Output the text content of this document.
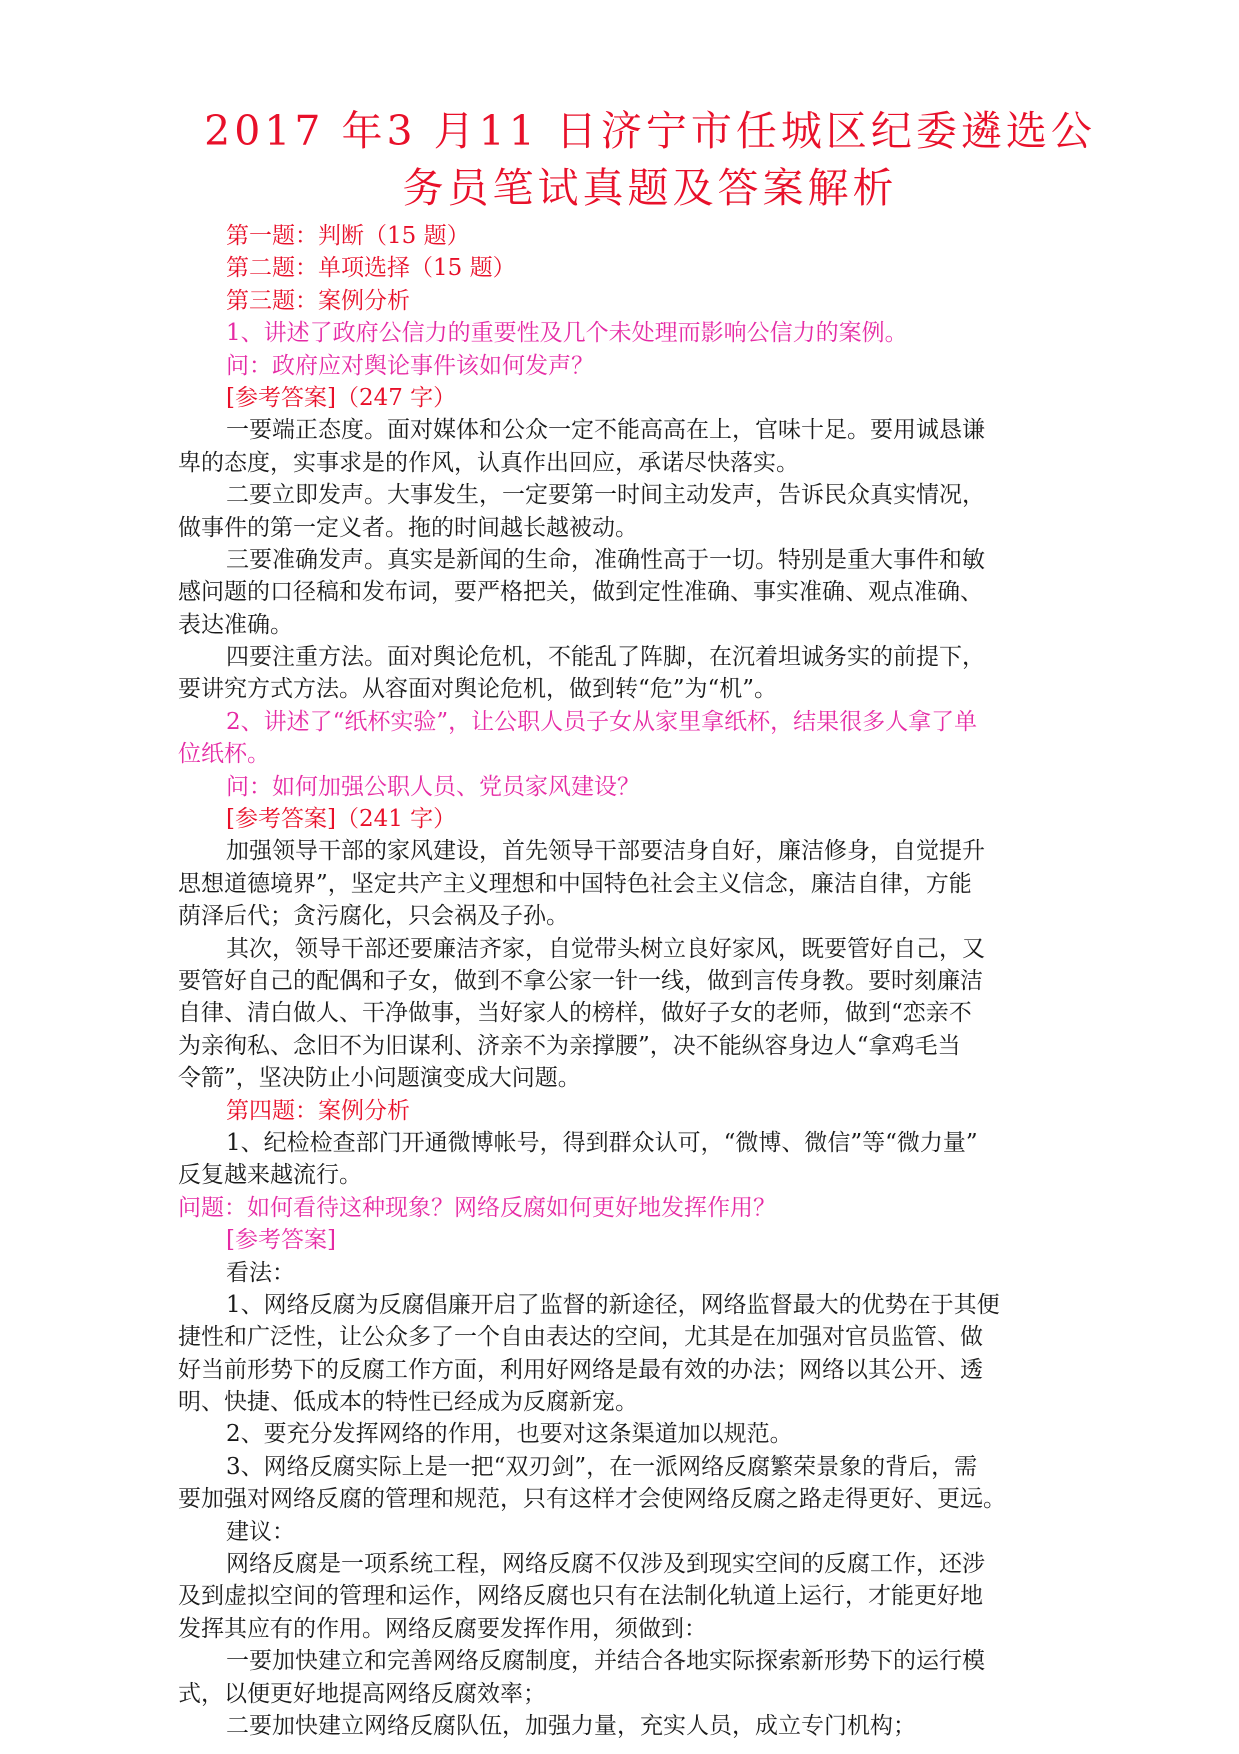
2017 年3 月11 日济宁市任城区纪委遴选公
务员笔试真题及答案解析
第一题：判断（15 题）
第二题：单项选择（15 题）
第三题：案例分析
1、讲述了政府公信力的重要性及几个未处理而影响公信力的案例。
问：政府应对舆论事件该如何发声？
[参考答案]（247 字）
一要端正态度。面对媒体和公众一定不能高高在上，官味十足。要用诚恳谦
卑的态度，实事求是的作风，认真作出回应，承诺尽快落实。
二要立即发声。大事发生，一定要第一时间主动发声，告诉民众真实情况，
做事件的第一定义者。拖的时间越长越被动。
三要准确发声。真实是新闻的生命，准确性高于一切。特别是重大事件和敏
感问题的口径稿和发布词，要严格把关，做到定性准确、事实准确、观点准确、
表达准确。
四要注重方法。面对舆论危机，不能乱了阵脚，在沉着坦诚务实的前提下，
要讲究方式方法。从容面对舆论危机，做到转“危”为“机”。
2、讲述了“纸杯实验”，让公职人员子女从家里拿纸杯，结果很多人拿了单
位纸杯。
问：如何加强公职人员、党员家风建设？
[参考答案]（241 字）
加强领导干部的家风建设，首先领导干部要洁身自好，廉洁修身，自觉提升
思想道德境界”，坚定共产主义理想和中国特色社会主义信念，廉洁自律，方能
荫泽后代；贪污腐化，只会祸及子孙。
其次，领导干部还要廉洁齐家，自觉带头树立良好家风，既要管好自己，又
要管好自己的配偶和子女，做到不拿公家一针一线，做到言传身教。要时刻廉洁
自律、清白做人、干净做事，当好家人的榜样，做好子女的老师，做到“恋亲不
为亲徇私、念旧不为旧谋利、济亲不为亲撑腰”，决不能纵容身边人“拿鸡毛当
令箭”，坚决防止小问题演变成大问题。
第四题：案例分析
1、纪检检查部门开通微博帐号，得到群众认可，“微博、微信”等“微力量”
反复越来越流行。
问题：如何看待这种现象？网络反腐如何更好地发挥作用？
[参考答案]
看法：
1、网络反腐为反腐倡廉开启了监督的新途径，网络监督最大的优势在于其便
捷性和广泛性，让公众多了一个自由表达的空间，尤其是在加强对官员监管、做
好当前形势下的反腐工作方面，利用好网络是最有效的办法；网络以其公开、透
明、快捷、低成本的特性已经成为反腐新宠。
2、要充分发挥网络的作用，也要对这条渠道加以规范。
3、网络反腐实际上是一把“双刃剑”，在一派网络反腐繁荣景象的背后，需
要加强对网络反腐的管理和规范，只有这样才会使网络反腐之路走得更好、更远。
建议：
网络反腐是一项系统工程，网络反腐不仅涉及到现实空间的反腐工作，还涉
及到虚拟空间的管理和运作，网络反腐也只有在法制化轨道上运行，才能更好地
发挥其应有的作用。网络反腐要发挥作用，须做到：
一要加快建立和完善网络反腐制度，并结合各地实际探索新形势下的运行模
式，以便更好地提高网络反腐效率；
二要加快建立网络反腐队伍，加强力量，充实人员，成立专门机构；
